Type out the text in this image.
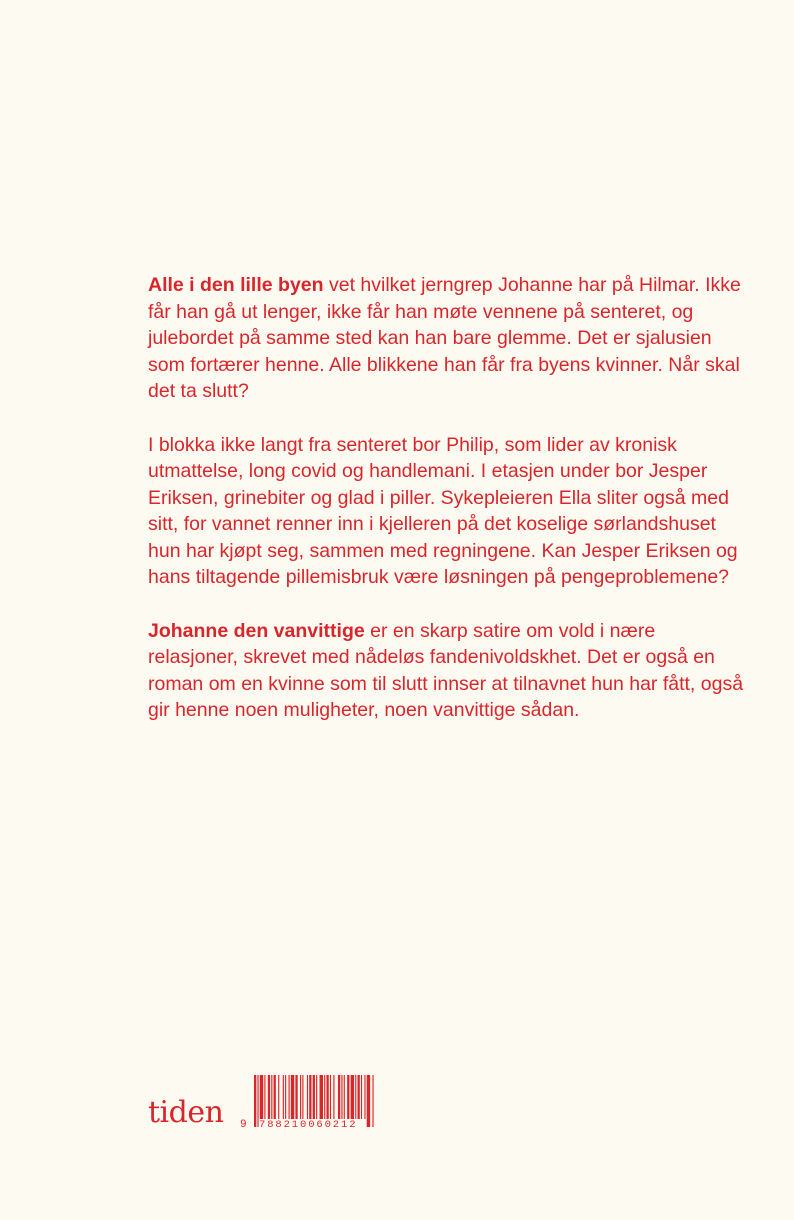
Alle i den lille byen vet hvilket jerngrep Johanne har på Hilmar. Ikke får han gå ut lenger, ikke får han møte vennene på senteret, og julebordet på samme sted kan han bare glemme. Det er sjalusien som fortærer henne. Alle blikkene han får fra byens kvinner. Når skal det ta slutt?

I blokka ikke langt fra senteret bor Philip, som lider av kronisk utmattelse, long covid og handlemani. I etasjen under bor Jesper Eriksen, grinebiter og glad i piller. Sykepleieren Ella sliter også med sitt, for vannet renner inn i kjelleren på det koselige sørlandshuset hun har kjøpt seg, sammen med regningene. Kan Jesper Eriksen og hans tiltagende pillemisbruk være løsningen på pengeproblemene?

Johanne den vanvittige er en skarp satire om vold i nære relasjoner, skrevet med nådeløs fandenivoldskhet. Det er også en roman om en kvinne som til slutt innser at tilnavnet hun har fått, også gir henne noen muligheter, noen vanvittige sådan.

tiden 9 788210060212
